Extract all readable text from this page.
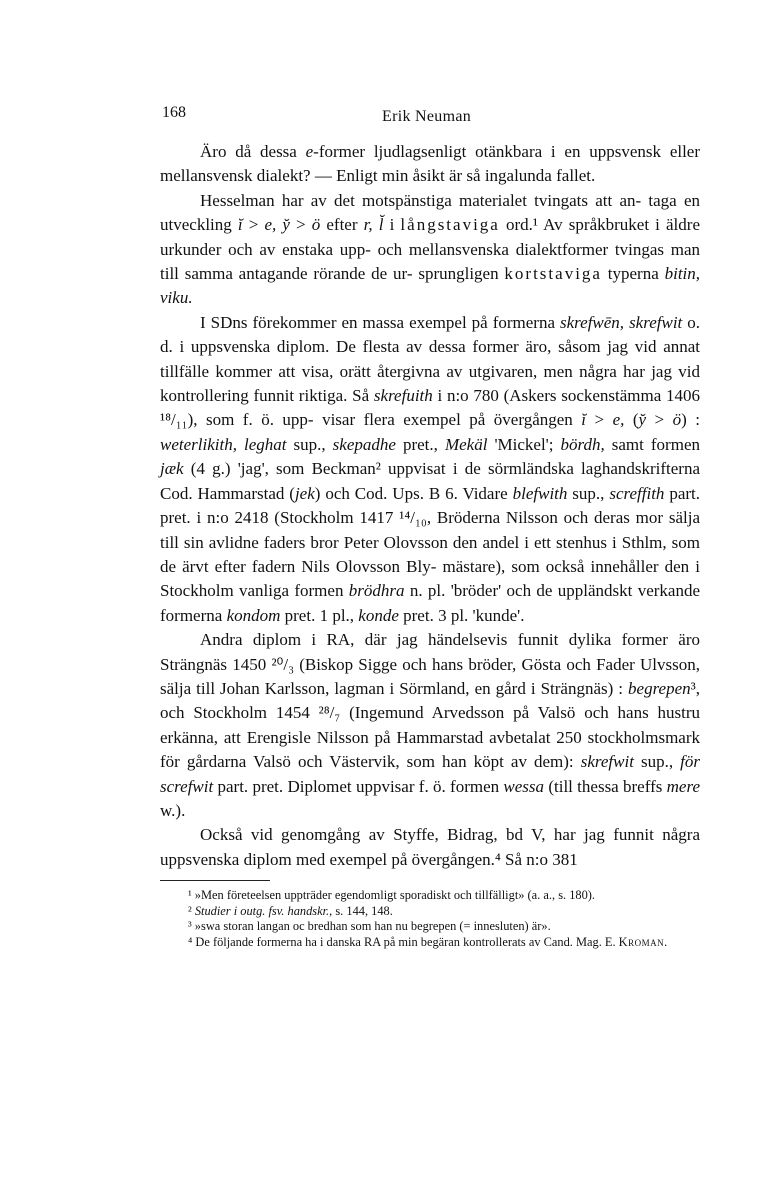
168	Erik Neuman

Äro då dessa e-former ljudlagsenligt otänkbara i en uppsvensk eller mellansvensk dialekt? — Enligt min åsikt är så ingalunda fallet.

Hesselman har av det motspänstiga materialet tvingats att an- taga en utveckling ĭ > e, y̆ > ö efter r, l̆ i långstaviga ord.¹ Av språkbruket i äldre urkunder och av enstaka upp- och mellansvenska dialektformer tvingas man till samma antagande rörande de ur- sprungligen kortstaviga typerna bitin, viku.

I SDns förekommer en massa exempel på formerna skrefwēn, skrefwit o. d. i uppsvenska diplom. De flesta av dessa former äro, såsom jag vid annat tillfälle kommer att visa, orätt återgivna av utgivaren, men några har jag vid kontrollering funnit riktiga. Så skrefuith i n:o 780 (Askers sockenstämma 1406 ¹⁸/₁₁), som f. ö. upp- visar flera exempel på övergången ĭ > e, (y̆ > ö) : weterlikith, leghat sup., skepadhe pret., Mekäl 'Mickel'; bördh, samt formen jæk (4 g.) 'jag', som Beckman² uppvisat i de sörmländska laghandskrifterna Cod. Hammarstad (jek) och Cod. Ups. B 6. Vidare blefwith sup., screffith part. pret. i n:o 2418 (Stockholm 1417 ¹⁴/₁₀, Bröderna Nilsson och deras mor sälja till sin avlidne faders bror Peter Olovsson den andel i ett stenhus i Sthlm, som de ärvt efter fadern Nils Olovsson Bly- mästare), som också innehåller den i Stockholm vanliga formen brödhra n. pl. 'bröder' och de uppländskt verkande formerna kondom pret. 1 pl., konde pret. 3 pl. 'kunde'.

Andra diplom i RA, där jag händelsevis funnit dylika former äro Strängnäs 1450 ²⁰/₃ (Biskop Sigge och hans bröder, Gösta och Fader Ulvsson, sälja till Johan Karlsson, lagman i Sörmland, en gård i Strängnäs) : begrepen³, och Stockholm 1454 ²⁸/₇ (Ingemund Arvedsson på Valsö och hans hustru erkänna, att Erengisle Nilsson på Hammarstad avbetalat 250 stockholmsmark för gårdarna Valsö och Västervik, som han köpt av dem): skrefwit sup., för screfwit part. pret. Diplomet uppvisar f. ö. formen wessa (till thessa breffs mere w.).

Också vid genomgång av Styffe, Bidrag, bd V, har jag funnit några uppsvenska diplom med exempel på övergången.⁴ Så n:o 381

¹ »Men företeelsen uppträder egendomligt sporadiskt och tillfälligt» (a. a., s. 180).

² Studier i outg. fsv. handskr., s. 144, 148.

³ »swa storan langan oc bredhan som han nu begrepen (= innesluten) är».

⁴ De följande formerna ha i danska RA på min begäran kontrollerats av Cand. Mag. E. Kroman.
